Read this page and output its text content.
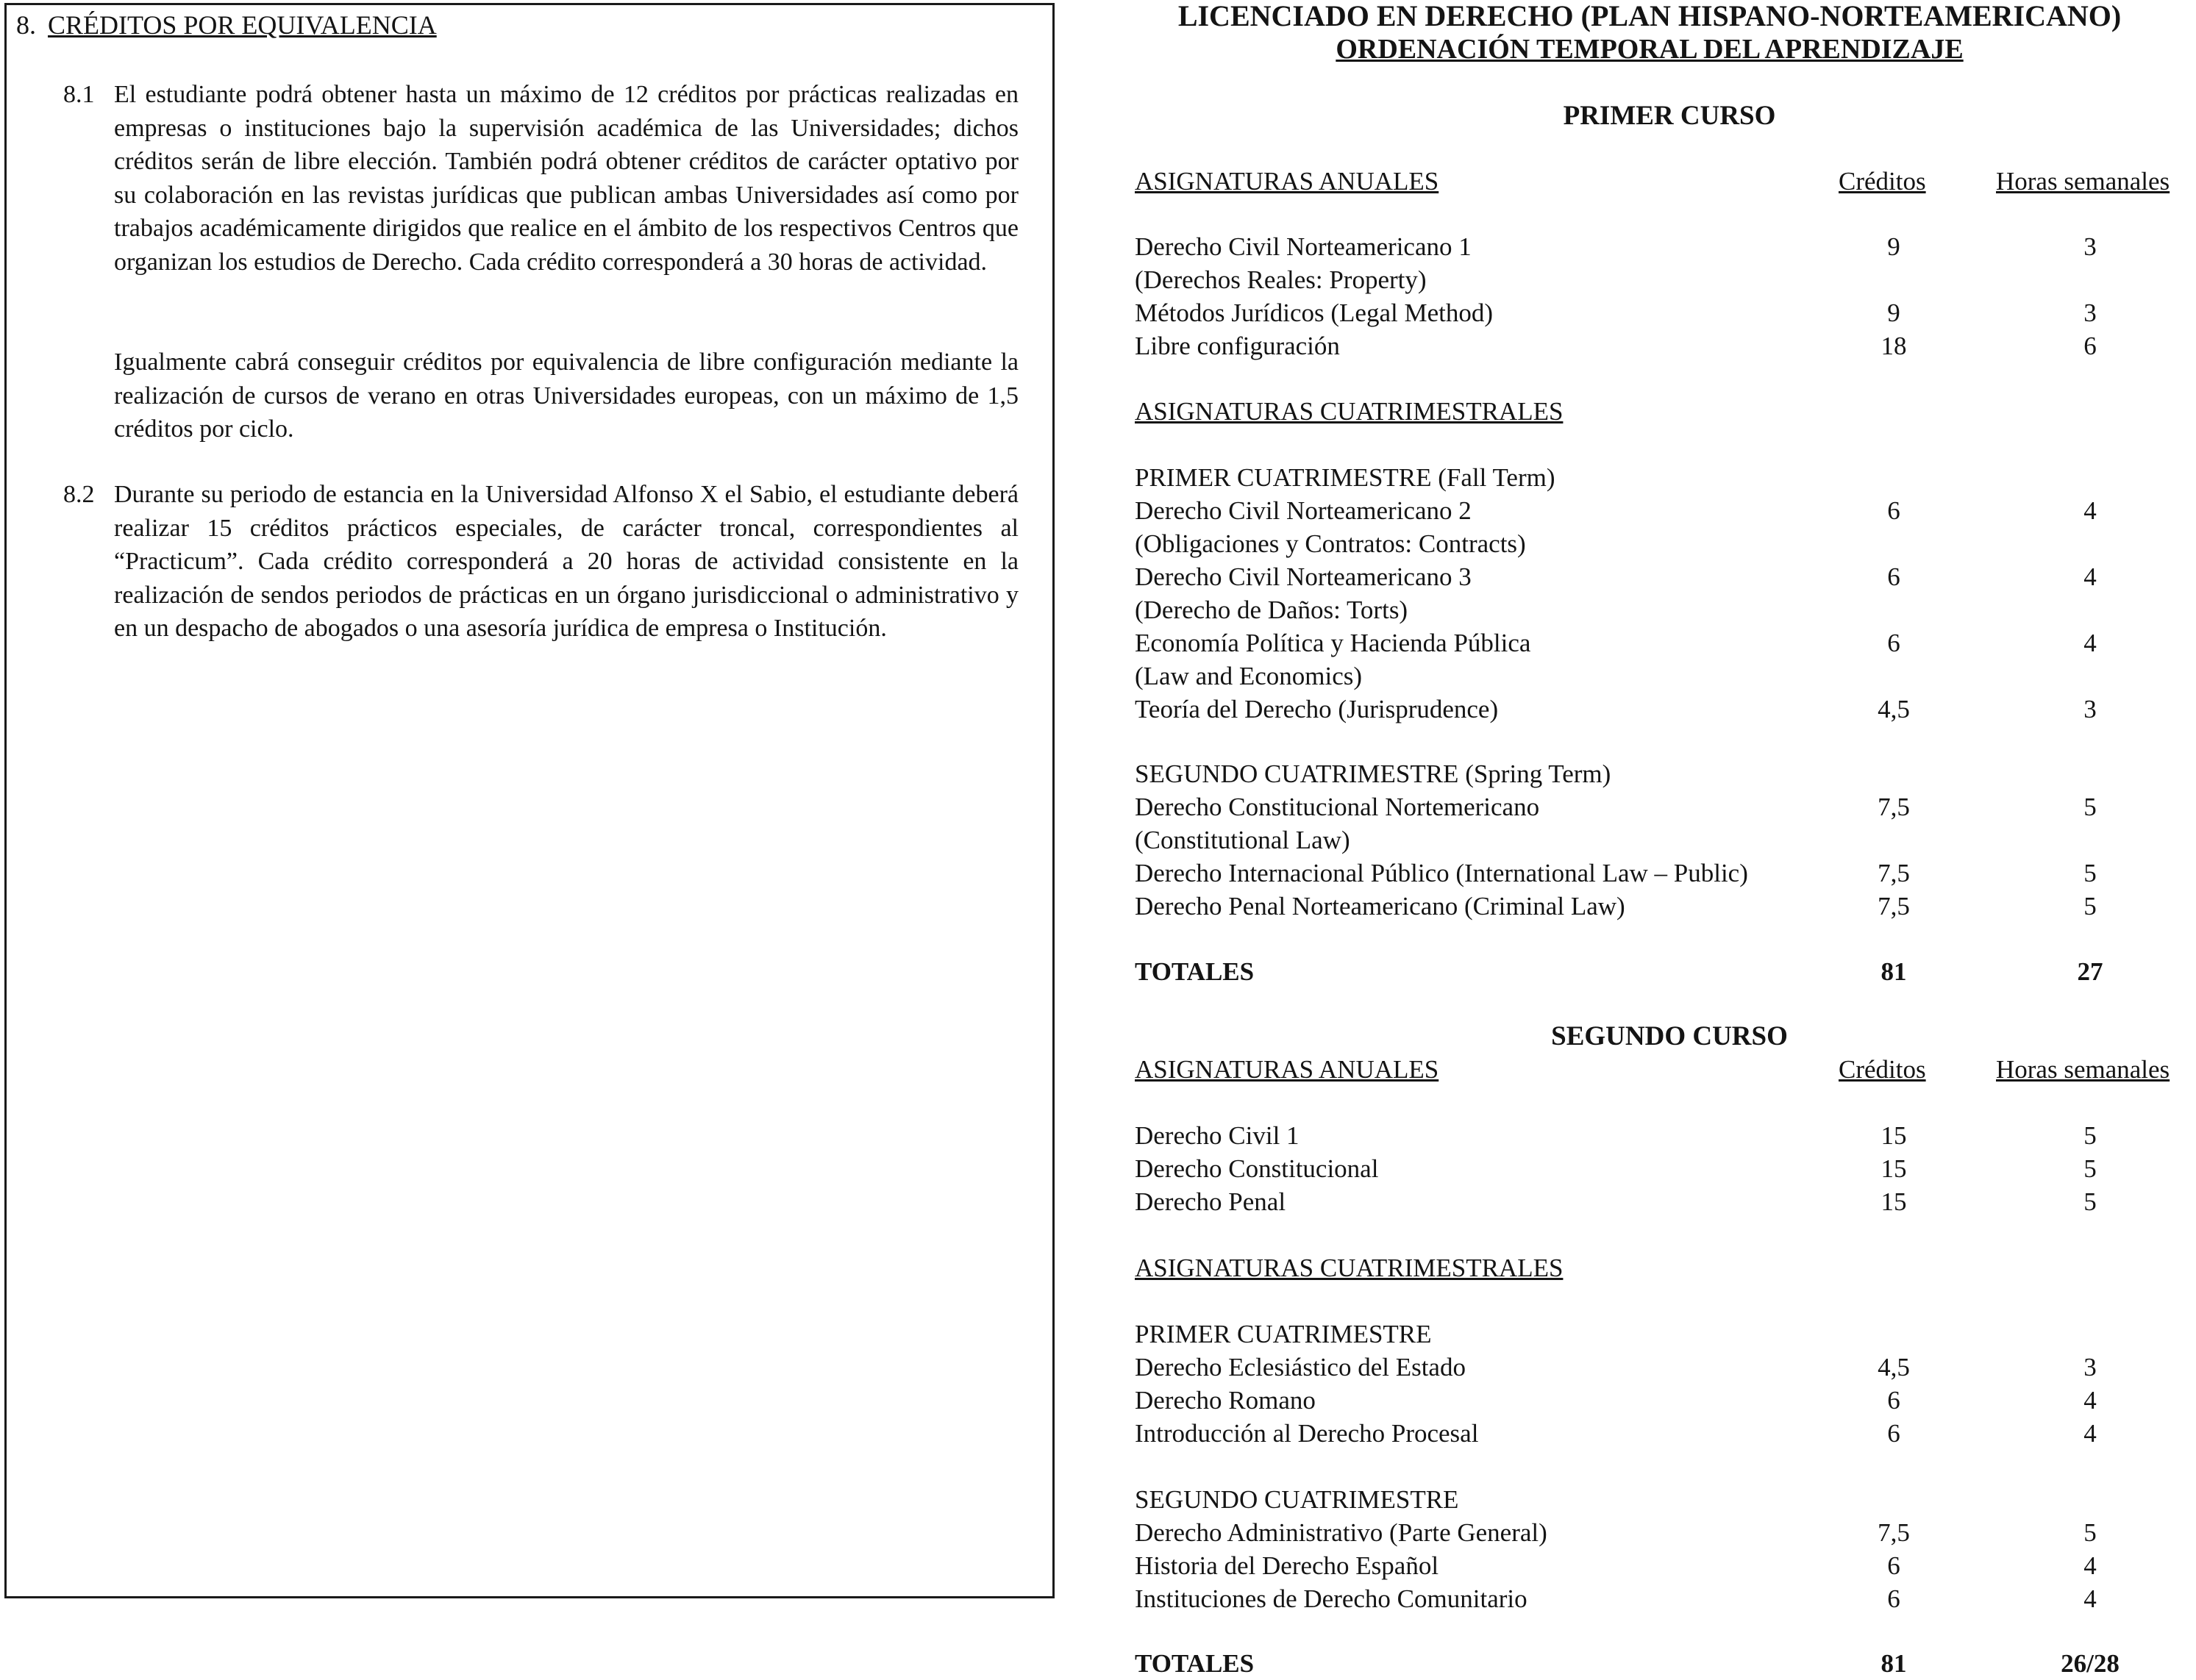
8. CRÉDITOS POR EQUIVALENCIA
8.1 El estudiante podrá obtener hasta un máximo de 12 créditos por prácticas realizadas en empresas o instituciones bajo la supervisión académica de las Universidades; dichos créditos serán de libre elección. También podrá obtener créditos de carácter optativo por su colaboración en las revistas jurídicas que publican ambas Universidades así como por trabajos académicamente dirigidos que realice en el ámbito de los respectivos Centros que organizan los estudios de Derecho. Cada crédito corresponderá a 30 horas de actividad.
Igualmente cabrá conseguir créditos por equivalencia de libre configuración mediante la realización de cursos de verano en otras Universidades europeas, con un máximo de 1,5 créditos por ciclo.
8.2 Durante su periodo de estancia en la Universidad Alfonso X el Sabio, el estudiante deberá realizar 15 créditos prácticos especiales, de carácter troncal, correspondientes al “Practicum”. Cada crédito corresponderá a 20 horas de actividad consistente en la realización de sendos periodos de prácticas en un órgano jurisdiccional o administrativo y en un despacho de abogados o una asesoría jurídica de empresa o Institución.
LICENCIADO EN DERECHO (PLAN HISPANO-NORTEAMERICANO)
ORDENACIÓN TEMPORAL DEL APRENDIZAJE
PRIMER CURSO
ASIGNATURAS ANUALES	Créditos	Horas semanales
Derecho Civil Norteamericano 1	9	3
(Derechos Reales: Property)
Métodos Jurídicos (Legal Method)	9	3
Libre configuración	18	6
ASIGNATURAS CUATRIMESTRALES
PRIMER CUATRIMESTRE (Fall Term)
Derecho Civil Norteamericano 2	6	4
(Obligaciones y Contratos: Contracts)
Derecho Civil Norteamericano 3	6	4
(Derecho de Daños: Torts)
Economía Política y Hacienda Pública	6	4
(Law and Economics)
Teoría del Derecho (Jurisprudence)	4,5	3
SEGUNDO CUATRIMESTRE (Spring Term)
Derecho Constitucional Nortemericano	7,5	5
(Constitutional Law)
Derecho Internacional Público (International Law – Public)	7,5	5
Derecho Penal Norteamericano (Criminal Law)	7,5	5
TOTALES	81	27
SEGUNDO CURSO
ASIGNATURAS ANUALES	Créditos	Horas semanales
Derecho Civil 1	15	5
Derecho Constitucional	15	5
Derecho Penal	15	5
ASIGNATURAS CUATRIMESTRALES
PRIMER CUATRIMESTRE
Derecho Eclesiástico del Estado	4,5	3
Derecho Romano	6	4
Introducción al Derecho Procesal	6	4
SEGUNDO CUATRIMESTRE
Derecho Administrativo (Parte General)	7,5	5
Historia del Derecho Español	6	4
Instituciones de Derecho Comunitario	6	4
TOTALES	81	26/28
